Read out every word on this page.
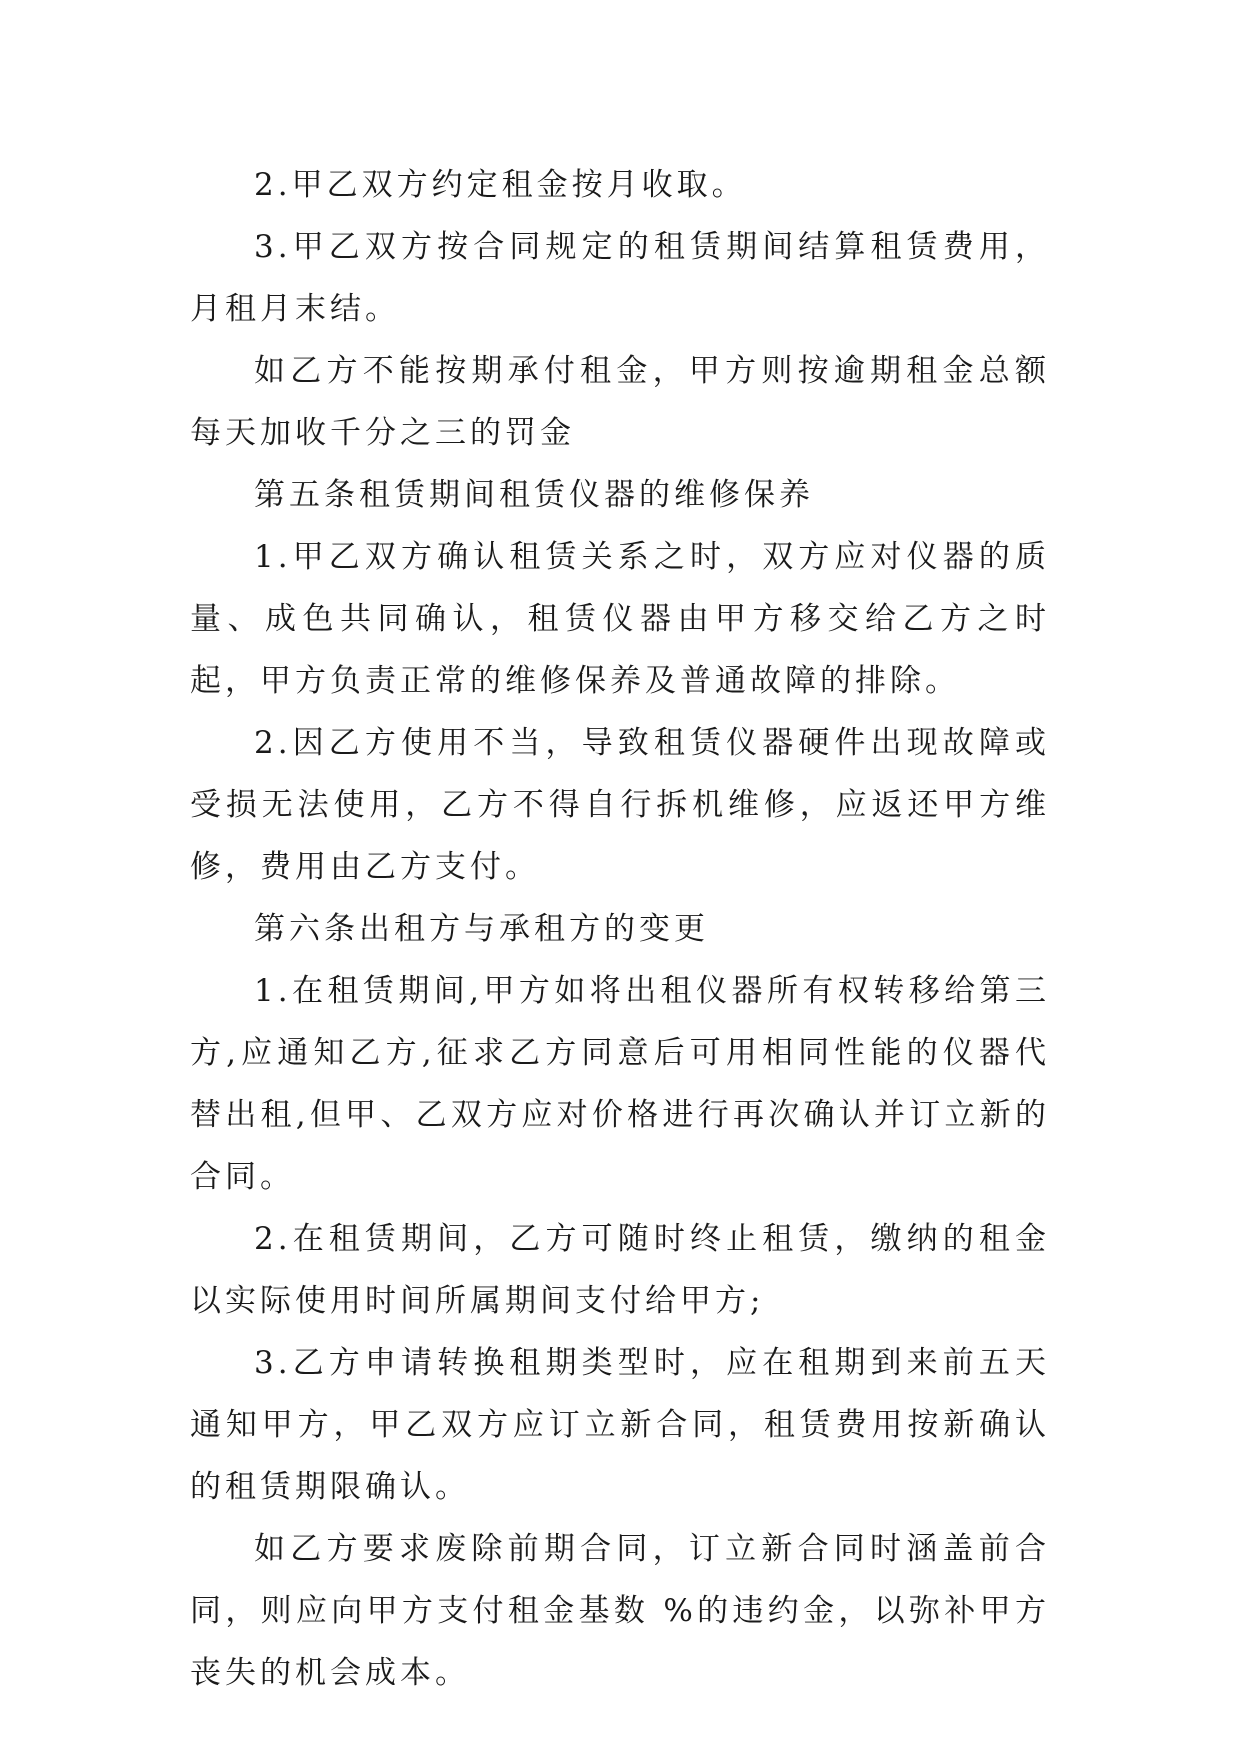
2.甲乙双方约定租金按月收取。

3.甲乙双方按合同规定的租赁期间结算租赁费用，月租月末结。

如乙方不能按期承付租金，甲方则按逾期租金总额每天加收千分之三的罚金

第五条租赁期间租赁仪器的维修保养

1.甲乙双方确认租赁关系之时，双方应对仪器的质量、成色共同确认，租赁仪器由甲方移交给乙方之时起，甲方负责正常的维修保养及普通故障的排除。

2.因乙方使用不当，导致租赁仪器硬件出现故障或受损无法使用，乙方不得自行拆机维修，应返还甲方维修，费用由乙方支付。

第六条出租方与承租方的变更

1.在租赁期间,甲方如将出租仪器所有权转移给第三方,应通知乙方,征求乙方同意后可用相同性能的仪器代替出租,但甲、乙双方应对价格进行再次确认并订立新的合同。

2.在租赁期间，乙方可随时终止租赁，缴纳的租金以实际使用时间所属期间支付给甲方;

3.乙方申请转换租期类型时，应在租期到来前五天通知甲方，甲乙双方应订立新合同，租赁费用按新确认的租赁期限确认。

如乙方要求废除前期合同，订立新合同时涵盖前合同，则应向甲方支付租金基数 %的违约金，以弥补甲方丧失的机会成本。
